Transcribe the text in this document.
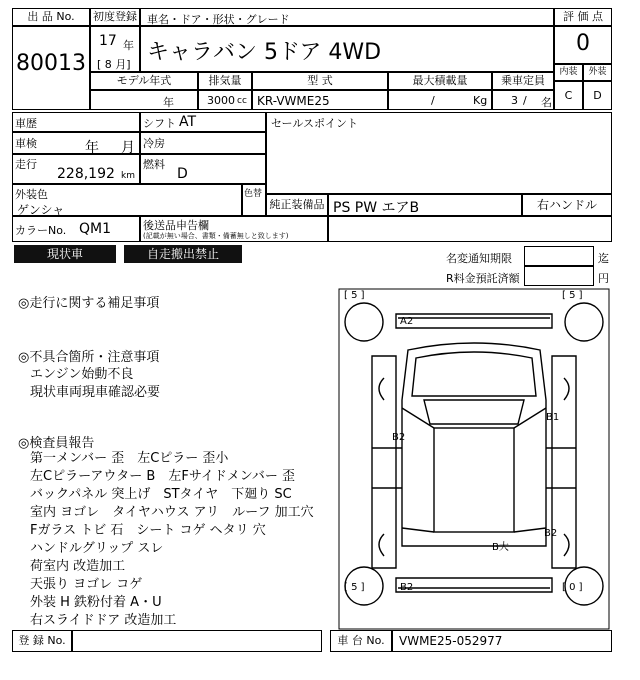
出 品 No.
80013
初度登録
17 年
[ 8 月]
車名・ドア・形状・グレード
キャラバン 5ドア 4WD
評 価 点
0
内装	外装
C	D
モデル年式
年
排気量
3000 cc
型 式
KR-VWME25
最大積載量
/	Kg
乗車定員
3 / 名
車歴	シフト AT
車検	年 月 冷房
走行
228,192 km
燃料
D
セールスポイント
外装色
ゲンシャ
色替
純正装備品 PS PW エアB	右ハンドル
カラーNo. QM1	後送品申告欄
(記載が無い場合、書類・備蓄無しと致します)
現状車	自走搬出禁止	名変通知期限	迄
R料金預託済額	円
◎走行に関する補足事項
◎不具合箇所・注意事項
エンジン始動不良
現状車両現車確認必要
◎検査員報告
第一メンバー 歪　左Cピラー 歪小
左Cピラーアウター B　左Fサイドメンバー 歪
バックパネル 突上げ　STタイヤ　下廻り SC
室内 ヨゴレ　タイヤハウス アリ　ルーフ 加工穴
Fガラス トビ 石　シート コゲ ヘタリ 穴
ハンドルグリップ スレ
荷室内 改造加工
天張り ヨゴレ コゲ
外装 H 鉄粉付着 A・U
右スライドドア 改造加工
[ 5 ]	[ 5 ]
[ 5 ]	[ 0 ]
A2
B1
B2
B大
B2
B2
登 録 No.	車 台 No.	VWME25-052977
